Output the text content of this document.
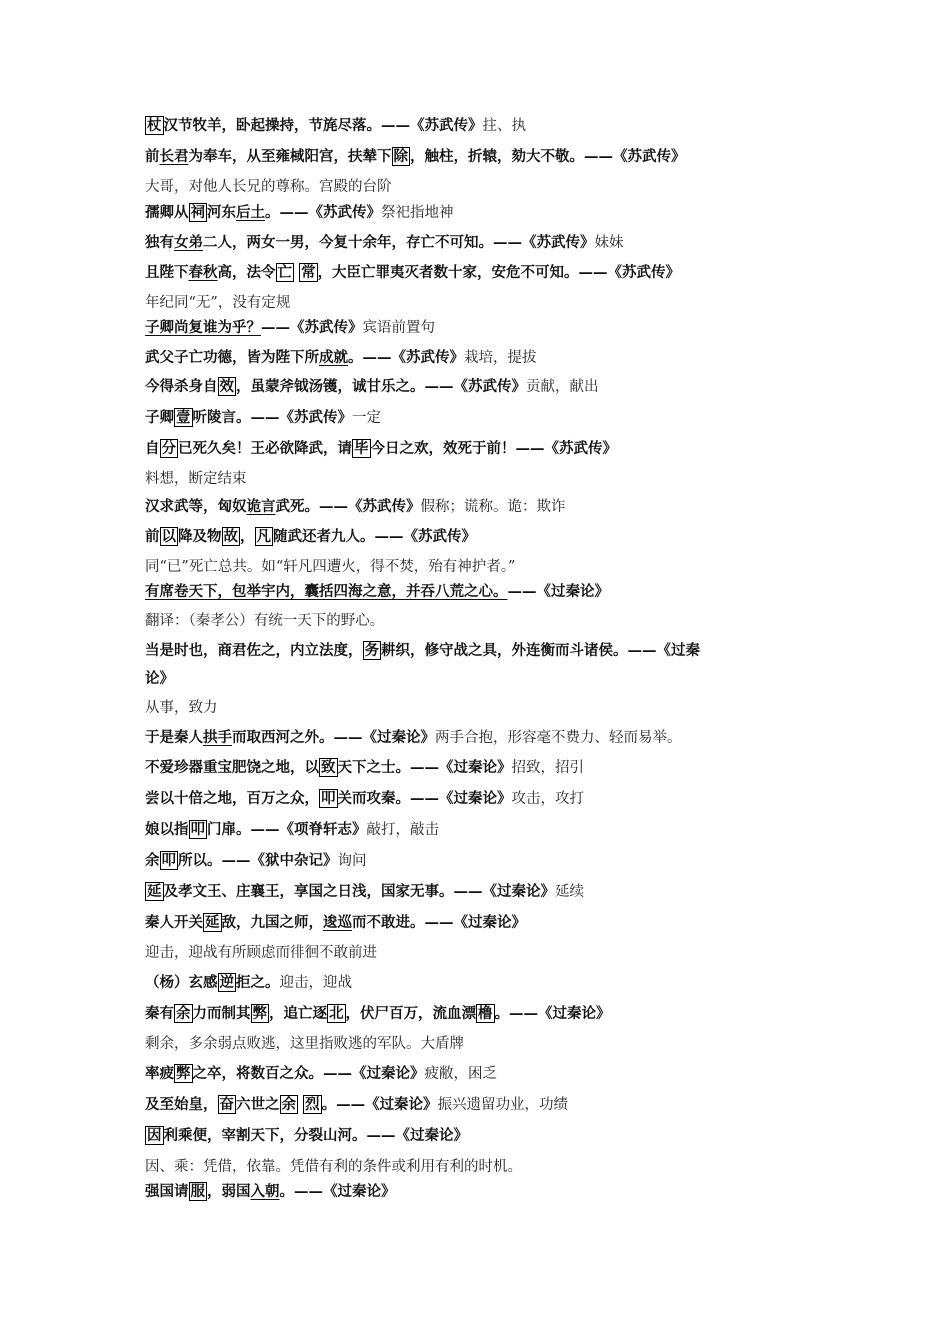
杖 汉节牧羊，卧起操持，节旄尽落。——《苏武传》拄、执
前长君为奉车，从至雍棫阳宫，扶辇下 除 ，触柱，折辕，劾大不敬。——《苏武传》
大哥，对他人长兄的尊称。宫殿的台阶
孺卿从 祠 河东后土。——《苏武传》祭祀指地神
独有女弟二人，两女一男，今复十余年，存亡不可知。——《苏武传》妹妹
且陛下春秋高，法令 亡 常 ，大臣亡罪夷灭者数十家，安危不可知。——《苏武传》
年纪同“无”，没有定规
子卿尚复谁为乎？——《苏武传》宾语前置句
武父子亡功德，皆为陛下所成就。——《苏武传》栽培，提拔
今得杀身自 效 ，虽蒙斧钺汤镬，诚甘乐之。——《苏武传》贡献，献出
子卿 壹 听陵言。——《苏武传》一定
自 分 已死久矣！王必欲降武，请 毕 今日之欢，效死于前！——《苏武传》
料想，断定结束
汉求武等，匈奴诡言武死。——《苏武传》假称；谎称。诡：欺诈
前 以 降及物 故 ， 凡 随武还者九人。——《苏武传》
同“已”死亡总共。如“轩凡四遭火，得不焚，殆有神护者。”
有席卷天下，包举宇内，囊括四海之意，并吞八荒之心。——《过秦论》
翻译：（秦孝公）有统一天下的野心。
当是时也，商君佐之，内立法度， 务 耕织，修守战之具，外连衡而斗诸侯。——《过秦
论》
从事，致力
于是秦人拱手而取西河之外。——《过秦论》两手合抱，形容毫不费力、轻而易举。
不爱珍器重宝肥饶之地，以 致 天下之士。——《过秦论》招致，招引
尝以十倍之地，百万之众， 叩 关而攻秦。——《过秦论》攻击，攻打
娘以指 叩 门扉。——《项脊轩志》敲打，敲击
余 叩 所以。——《狱中杂记》询问
延 及孝文王、庄襄王，享国之日浅，国家无事。——《过秦论》延续
秦人开关 延 敌，九国之师，逡巡而不敢进。——《过秦论》
迎击，迎战有所顾虑而徘徊不敢前进
（杨）玄感 逆 拒之。迎击，迎战
秦有 余 力而制其 弊 ，追亡逐 北 ，伏尸百万，流血漂 橹 。——《过秦论》
剩余，多余弱点败逃，这里指败逃的军队。大盾牌
率疲 弊 之卒，将数百之众。——《过秦论》疲敝，困乏
及至始皇， 奋 六世之 余 烈 。——《过秦论》振兴遗留功业，功绩
因 利乘便，宰割天下，分裂山河。——《过秦论》
因、乘：凭借，依靠。凭借有利的条件或利用有利的时机。
强国请 服 ，弱国入朝。——《过秦论》
